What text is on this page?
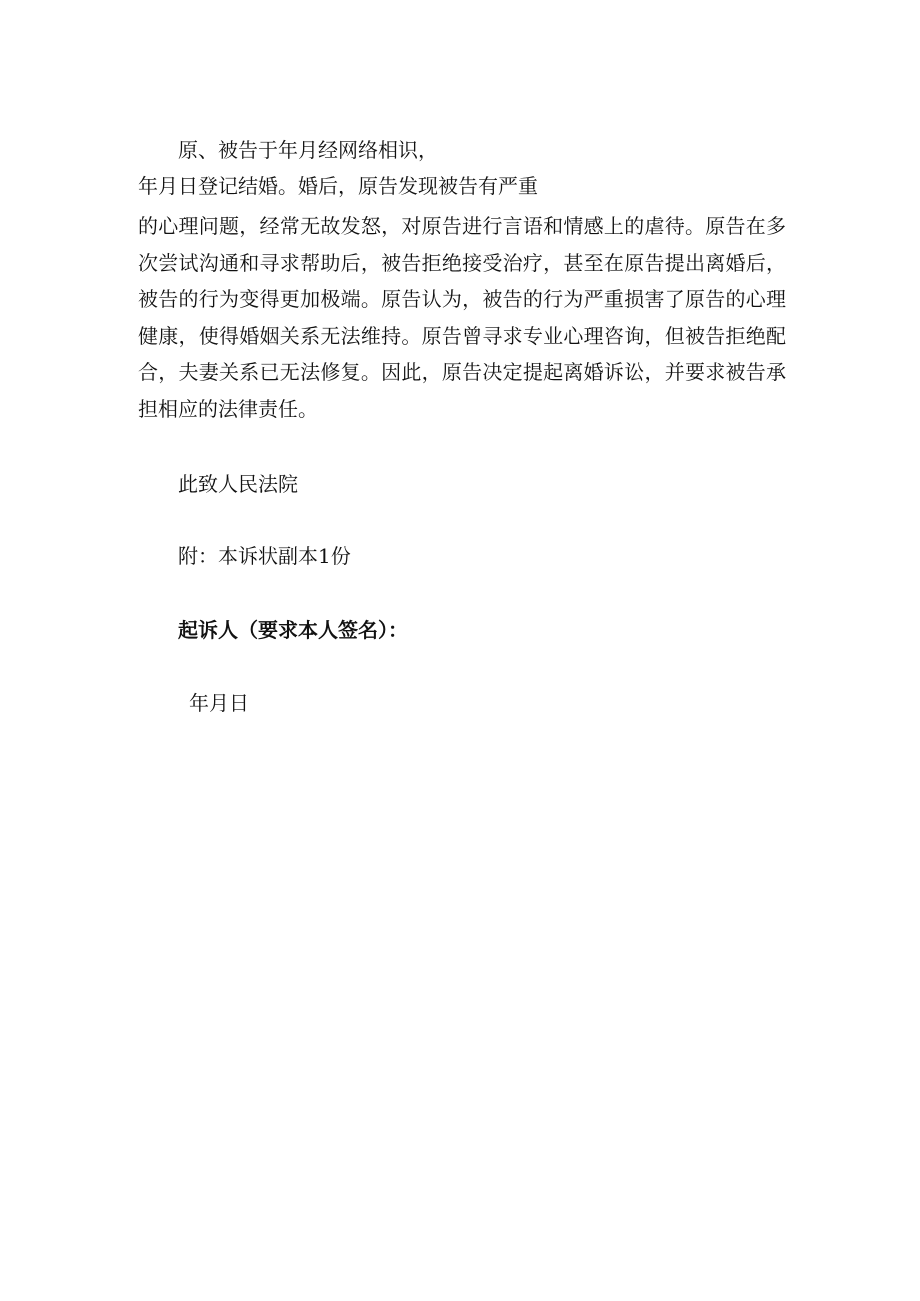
原、被告于年月经网络相识，

年月日登记结婚。婚后，原告发现被告有严重

的心理问题，经常无故发怒，对原告进行言语和情感上的虐待。原告在多次尝试沟通和寻求帮助后，被告拒绝接受治疗，甚至在原告提出离婚后，被告的行为变得更加极端。原告认为，被告的行为严重损害了原告的心理健康，使得婚姻关系无法维持。原告曾寻求专业心理咨询，但被告拒绝配合，夫妻关系已无法修复。因此，原告决定提起离婚诉讼，并要求被告承担相应的法律责任。

此致人民法院

附：本诉状副本1份

起诉人（要求本人签名）：

年月日
